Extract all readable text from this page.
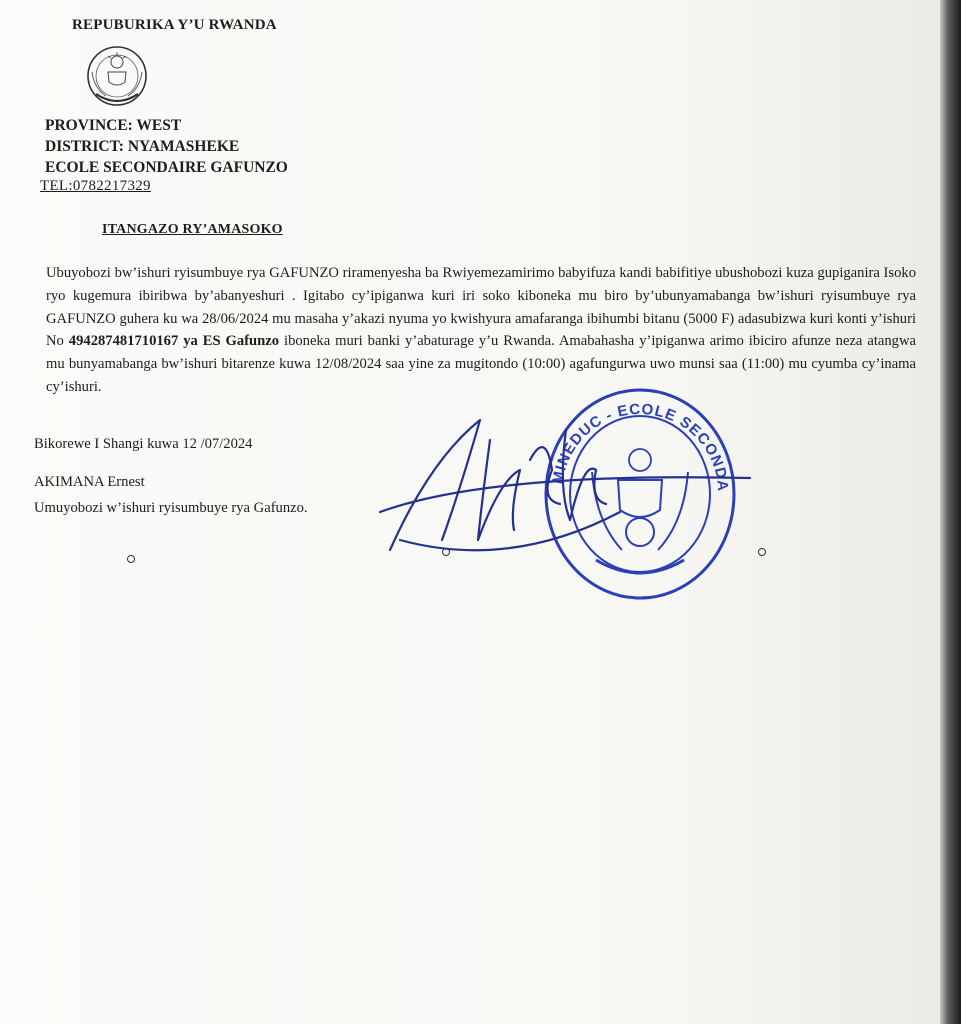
REPUBURIKA Y’U RWANDA
PROVINCE: WEST
DISTRICT: NYAMASHEKE
ECOLE SECONDAIRE GAFUNZO
TEL:0782217329
ITANGAZO RY’AMASOKO

Ubuyobozi bw’ishuri ryisumbuye rya GAFUNZO riramenyesha ba Rwiyemezamirimo babyifuza kandi babifitiye ubushobozi kuza gupiganira Isoko ryo kugemura ibiribwa by’abanyeshuri . Igitabo cy’ipiganwa kuri iri soko kiboneka mu biro by’ubunyamabanga bw’ishuri ryisumbuye rya GAFUNZO guhera ku wa 28/06/2024 mu masaha y’akazi nyuma yo kwishyura amafaranga ibihumbi bitanu (5000 F) adasubizwa kuri konti y’ishuri No 494287481710167 ya ES Gafunzo iboneka muri banki y’abaturage y’u Rwanda. Amabahasha y’ipiganwa arimo ibiciro afunze neza atangwa mu bunyamabanga bw’ishuri bitarenze kuwa 12/08/2024 saa yine za mugitondo (10:00) agafungurwa uwo munsi saa (11:00) mu cyumba cy’inama cy’ishuri.

Bikorewe I Shangi kuwa 12 /07/2024
AKIMANA Ernest
Umuyobozi w’ishuri ryisumbuye rya Gafunzo.
MINEDUC - ECOLE SECONDA
